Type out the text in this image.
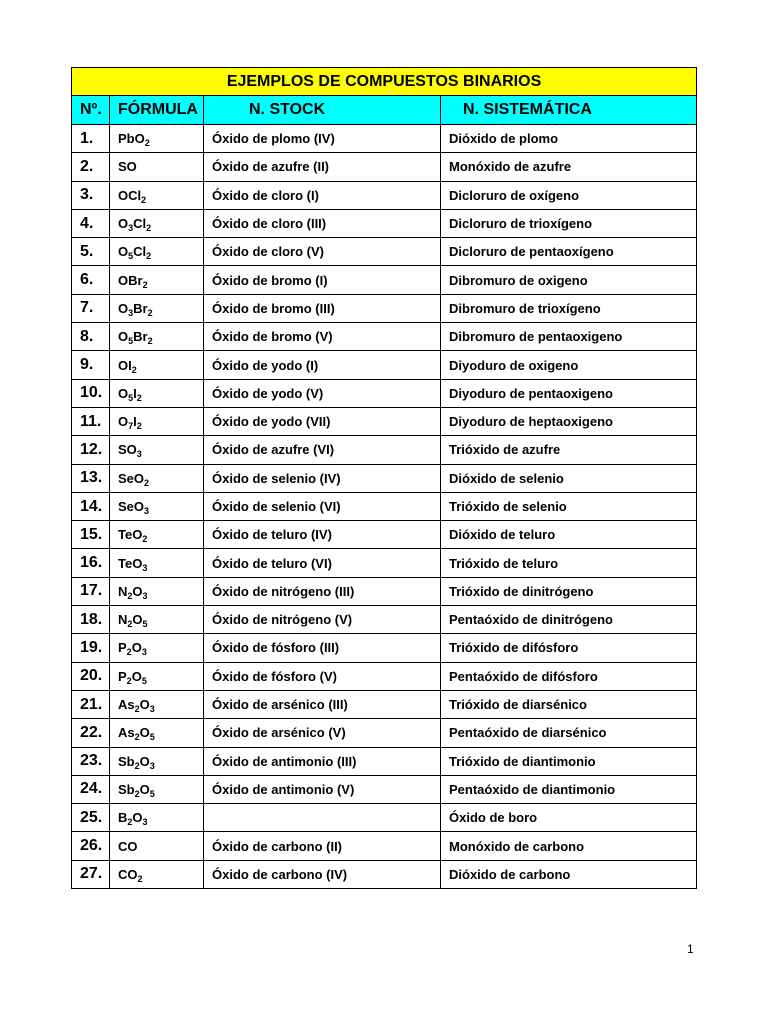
EJEMPLOS DE COMPUESTOS BINARIOS			
Nº.	FÓRMULA	N. STOCK	N. SISTEMÁTICA
1.	PbO$_2$	Óxido de plomo (IV)	Dióxido de plomo
2.	SO	Óxido de azufre (II)	Monóxido de azufre
3.	OCl$_2$	Óxido de cloro (I)	Dicloruro de oxígeno
4.	$O_3Cl_2$	Óxido de cloro (III)	Dicloruro de trioxígeno
5.	$O_5Cl_2$	Óxido de cloro (V)	Dicloruro de pentaoxígeno
6.	OBr$_2$	Óxido de bromo (I)	Dibromuro de oxigeno
7.	$O_3Br_2$	Óxido de bromo (III)	Dibromuro de trioxígeno
8.	$O_5Br_2$	Óxido de bromo (V)	Dibromuro de pentaoxigeno
9.	$OI_2$	Óxido de yodo (I)	Diyoduro de oxigeno
10.	$O_5I_2$	Óxido de yodo (V)	Diyoduro de pentaoxigeno
11.	$O_7I_2$	Óxido de yodo (VII)	Diyoduro de heptaoxigeno
12.	$SO_3$	Óxido de azufre (VI)	Trióxido de azufre
13.	SeO$_2$	Óxido de selenio (IV)	Dióxido de selenio
14.	SeO$_3$	Óxido de selenio (VI)	Trióxido de selenio
15.	TeO$_2$	Óxido de teluro (IV)	Dióxido de teluro
16.	TeO$_3$	Óxido de teluro (VI)	Trióxido de teluro
17.	$N_2O_3$	Óxido de nitrógeno (III)	Trióxido de dinitrógeno
18.	$N_2O_5$	Óxido de nitrógeno (V)	Pentaóxido de dinitrógeno
19.	$P_2O_3$	Óxido de fósforo (III)	Trióxido de difósforo
20.	$P_2O_5$	Óxido de fósforo (V)	Pentaóxido de difósforo
21.	$As_2O_3$	Óxido de arsénico (III)	Trióxido de diarsénico
22.	$As_2O_5$	Óxido de arsénico (V)	Pentaóxido de diarsénico
23.	$Sb_2O_3$	Óxido de antimonio (III)	Trióxido de diantimonio
24.	$Sb_2O_5$	Óxido de antimonio (V)	Pentaóxido de diantimonio
25.	$B_2O_3$		Óxido de boro
26.	CO	Óxido de carbono (II)	Monóxido de carbono
27.	$CO_2$	Óxido de carbono (IV)	Dióxido de carbono
1
